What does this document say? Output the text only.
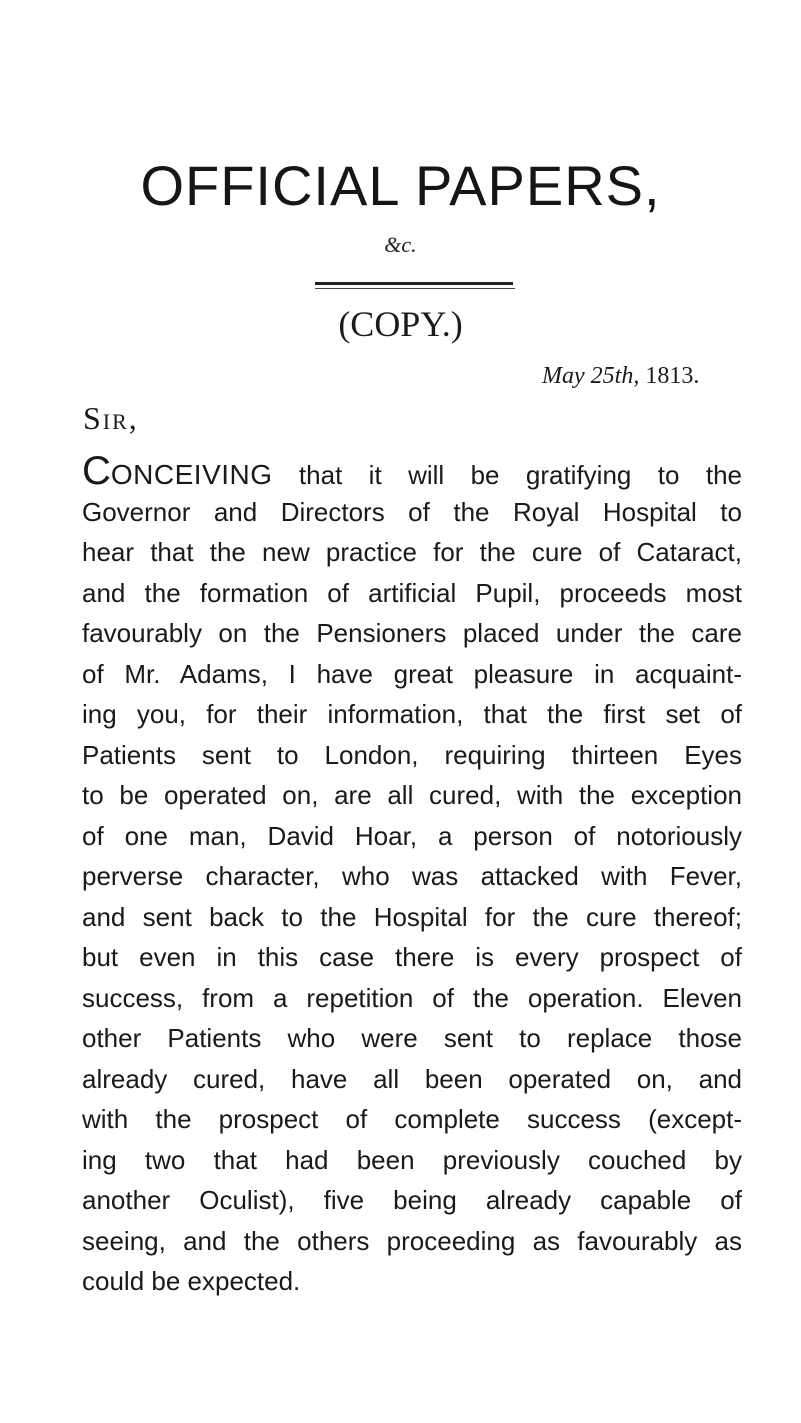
OFFICIAL PAPERS,
&c.
(COPY.)
May 25th, 1813.
Sir,
CONCEIVING that it will be gratifying to the
Governor and Directors of the Royal Hospital to
hear that the new practice for the cure of Cataract,
and the formation of artificial Pupil, proceeds most
favourably on the Pensioners placed under the care
of Mr. Adams, I have great pleasure in acquaint-
ing you, for their information, that the first set of
Patients sent to London, requiring thirteen Eyes
to be operated on, are all cured, with the exception
of one man, David Hoar, a person of notoriously
perverse character, who was attacked with Fever,
and sent back to the Hospital for the cure thereof;
but even in this case there is every prospect of
success, from a repetition of the operation. Eleven
other Patients who were sent to replace those
already cured, have all been operated on, and
with the prospect of complete success (except-
ing two that had been previously couched by
another Oculist), five being already capable of
seeing, and the others proceeding as favourably as
could be expected.
